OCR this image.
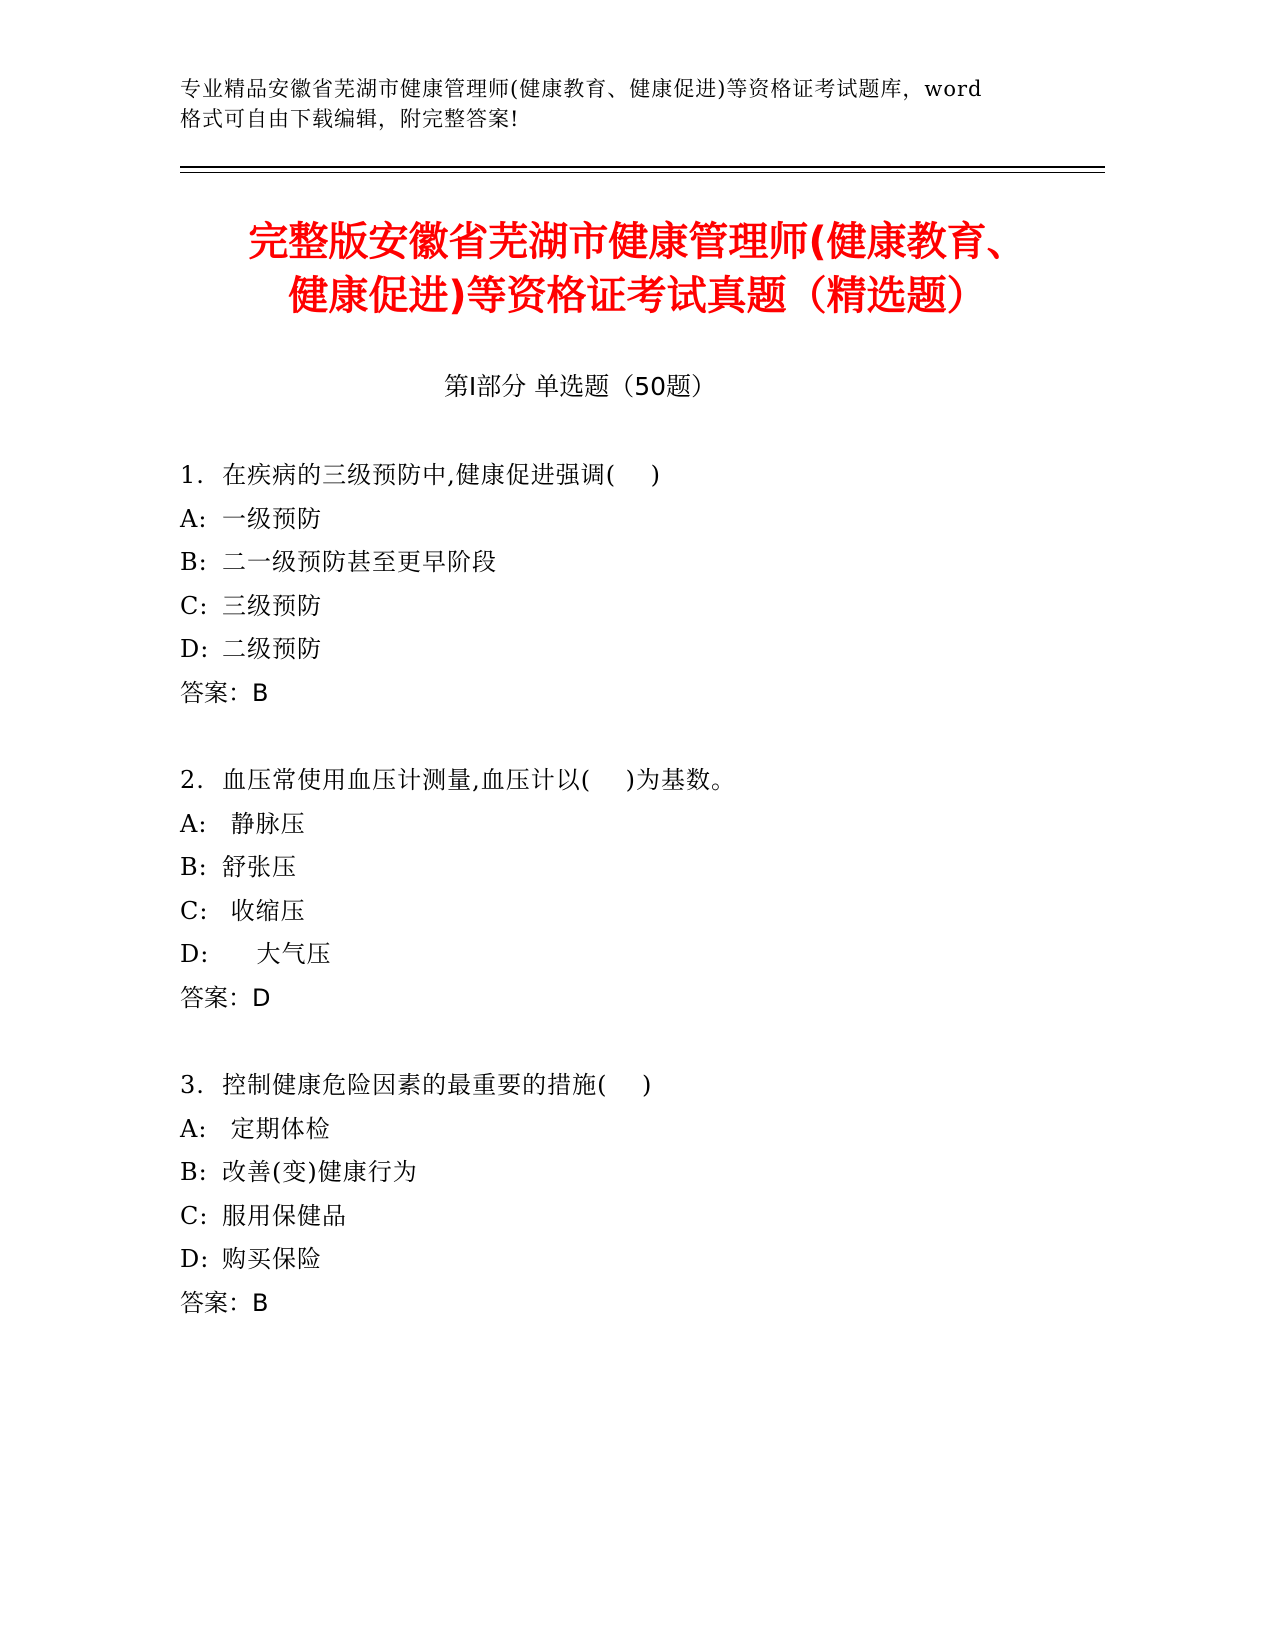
专业精品安徽省芜湖市健康管理师(健康教育、健康促进)等资格证考试题库，word
格式可自由下载编辑，附完整答案!
完整版安徽省芜湖市健康管理师(健康教育、
健康促进)等资格证考试真题（精选题）
第Ⅰ部分 单选题（50题）
1.  在疾病的三级预防中,健康促进强调(    )
A: 一级预防
B: 二一级预防甚至更早阶段
C: 三级预防
D: 二级预防
答案：B
2.  血压常使用血压计测量,血压计以(    )为基数。
A: 静脉压
B: 舒张压
C: 收缩压
D:    大气压
答案：D
3.  控制健康危险因素的最重要的措施(    )
A: 定期体检
B: 改善(变)健康行为
C: 服用保健品
D: 购买保险
答案：B
